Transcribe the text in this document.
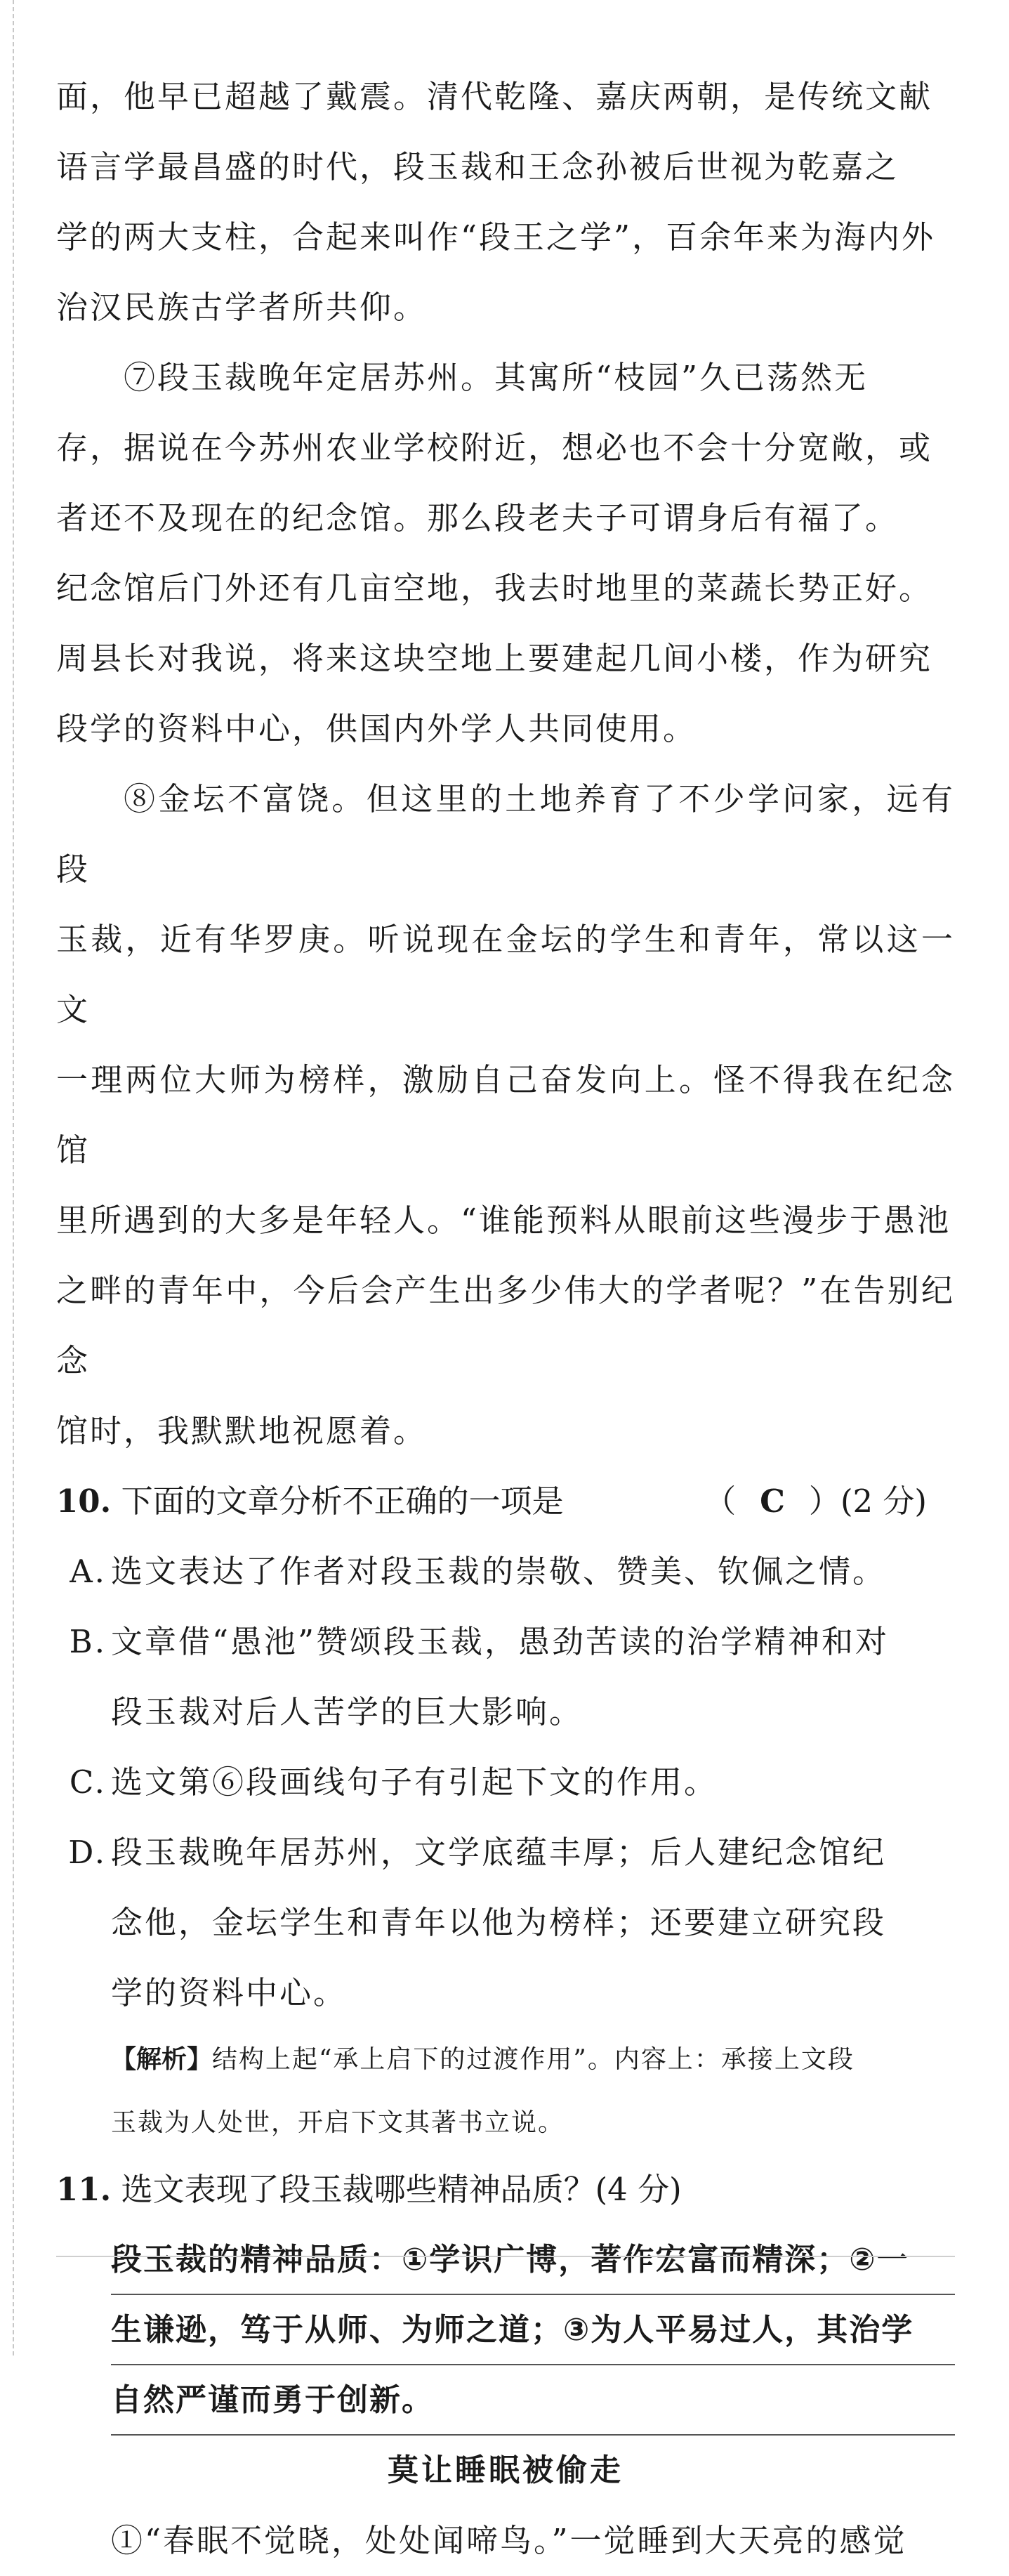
面，他早已超越了戴震。清代乾隆、嘉庆两朝，是传统文献

语言学最昌盛的时代，段玉裁和王念孙被后世视为乾嘉之

学的两大支柱，合起来叫作“段王之学”，百余年来为海内外

治汉民族古学者所共仰。

⑦段玉裁晚年定居苏州。其寓所“枝园”久已荡然无

存，据说在今苏州农业学校附近，想必也不会十分宽敞，或

者还不及现在的纪念馆。那么段老夫子可谓身后有福了。

纪念馆后门外还有几亩空地，我去时地里的菜蔬长势正好。

周县长对我说，将来这块空地上要建起几间小楼，作为研究

段学的资料中心，供国内外学人共同使用。

⑧金坛不富饶。但这里的土地养育了不少学问家，远有段

玉裁，近有华罗庚。听说现在金坛的学生和青年，常以这一文

一理两位大师为榜样，激励自己奋发向上。怪不得我在纪念馆

里所遇到的大多是年轻人。“谁能预料从眼前这些漫步于愚池

之畔的青年中，今后会产生出多少伟大的学者呢？”在告别纪念

馆时，我默默地祝愿着。

10. 下面的文章分析不正确的一项是	（ C ）(2 分)

A. 选文表达了作者对段玉裁的崇敬、赞美、钦佩之情。

B. 文章借“愚池”赞颂段玉裁，愚劲苦读的治学精神和对

段玉裁对后人苦学的巨大影响。

C. 选文第⑥段画线句子有引起下文的作用。

D. 段玉裁晚年居苏州，文学底蕴丰厚；后人建纪念馆纪

念他，金坛学生和青年以他为榜样；还要建立研究段

学的资料中心。

【解析】结构上起“承上启下的过渡作用”。内容上：承接上文段

玉裁为人处世，开启下文其著书立说。

11. 选文表现了段玉裁哪些精神品质？(4 分)

段玉裁的精神品质：①学识广博，著作宏富而精深；②一
生谦逊，笃于从师、为师之道；③为人平易过人，其治学
自然严谨而勇于创新。

莫让睡眠被偷走

①“春眠不觉晓，处处闻啼鸟。”一觉睡到大天亮的感觉
